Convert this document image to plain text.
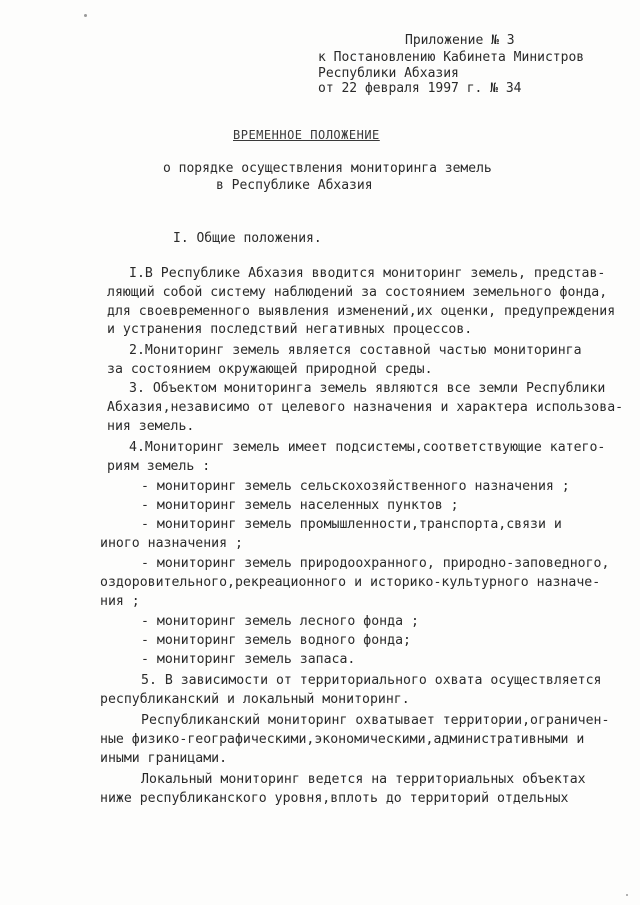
Приложение № 3
к Постановлению Кабинета Министров
Республики Абхазия
от 22 февраля 1997 г. № 34
ВРЕМЕННОЕ ПОЛОЖЕНИЕ
о порядке осуществления мониторинга земель
в Республике Абхазия
I. Общие положения.
I.В Республике Абхазия вводится мониторинг земель, представ-
ляющий собой систему наблюдений за состоянием земельного фонда,
для своевременного выявления изменений,их оценки, предупреждения
и устранения последствий негативных процессов.
2.Мониторинг земель является составной частью мониторинга
за состоянием окружающей природной среды.
3. Объектом мониторинга земель являются все земли Республики
Абхазия,независимо от целевого назначения и характера использова-
ния земель.
4.Мониторинг земель имеет подсистемы,соответствующие катего-
риям земель :
- мониторинг земель сельскохозяйственного назначения ;
- мониторинг земель населенных пунктов ;
- мониторинг земель промышленности,транспорта,связи и
иного назначения ;
- мониторинг земель природоохранного, природно-заповедного,
оздоровительного,рекреационного и историко-культурного назначе-
ния ;
- мониторинг земель лесного фонда ;
- мониторинг земель водного фонда;
- мониторинг земель запаса.
5. В зависимости от территориального охвата осуществляется
республиканский и локальный мониторинг.
Республиканский мониторинг охватывает территории,ограничен-
ные физико-географическими,экономическими,административными и
иными границами.
Локальный мониторинг ведется на территориальных объектах
ниже республиканского уровня,вплоть до территорий отдельных
